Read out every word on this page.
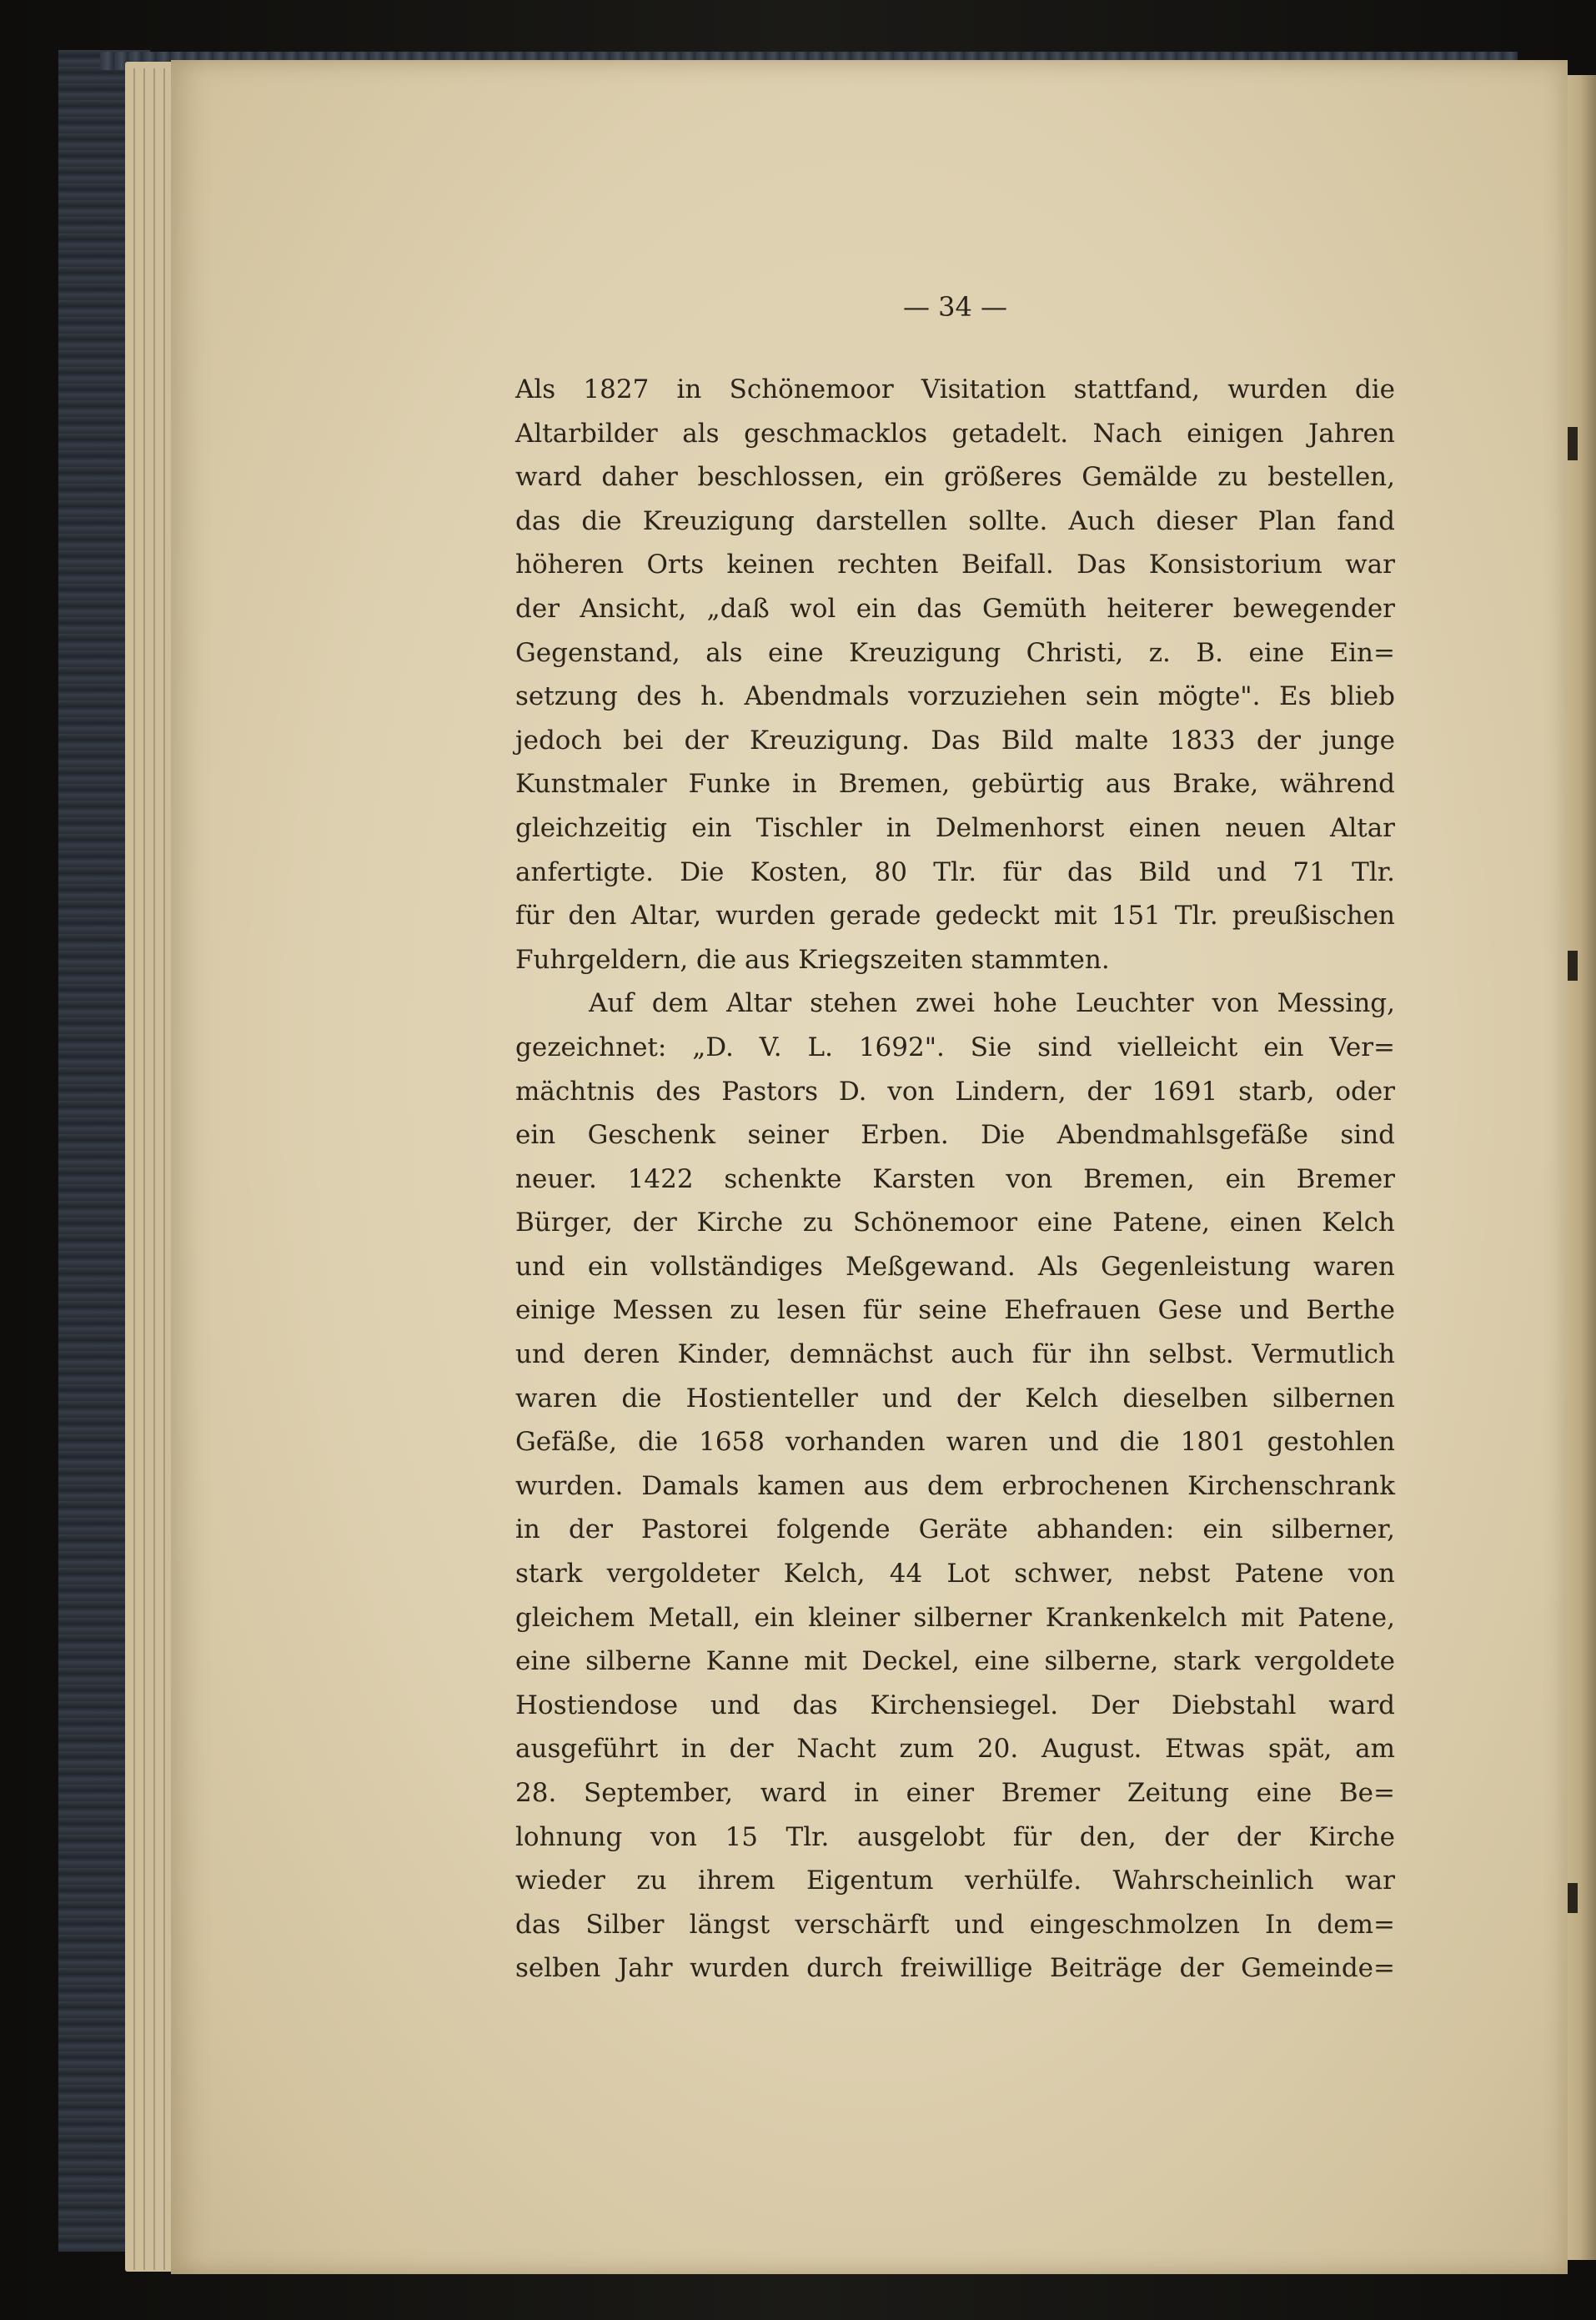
— 34 —
Als 1827 in Schönemoor Visitation stattfand, wurden die
Altarbilder als geschmacklos getadelt. Nach einigen Jahren
ward daher beschlossen, ein größeres Gemälde zu bestellen,
das die Kreuzigung darstellen sollte. Auch dieser Plan fand
höheren Orts keinen rechten Beifall. Das Konsistorium war
der Ansicht, „daß wol ein das Gemüth heiterer bewegender
Gegenstand, als eine Kreuzigung Christi, z. B. eine Ein=
setzung des h. Abendmals vorzuziehen sein mögte". Es blieb
jedoch bei der Kreuzigung. Das Bild malte 1833 der junge
Kunstmaler Funke in Bremen, gebürtig aus Brake, während
gleichzeitig ein Tischler in Delmenhorst einen neuen Altar
anfertigte. Die Kosten, 80 Tlr. für das Bild und 71 Tlr.
für den Altar, wurden gerade gedeckt mit 151 Tlr. preußischen
Fuhrgeldern, die aus Kriegszeiten stammten.
Auf dem Altar stehen zwei hohe Leuchter von Messing,
gezeichnet: „D. V. L. 1692". Sie sind vielleicht ein Ver=
mächtnis des Pastors D. von Lindern, der 1691 starb, oder
ein Geschenk seiner Erben. Die Abendmahlsgefäße sind
neuer. 1422 schenkte Karsten von Bremen, ein Bremer
Bürger, der Kirche zu Schönemoor eine Patene, einen Kelch
und ein vollständiges Meßgewand. Als Gegenleistung waren
einige Messen zu lesen für seine Ehefrauen Gese und Berthe
und deren Kinder, demnächst auch für ihn selbst. Vermutlich
waren die Hostienteller und der Kelch dieselben silbernen
Gefäße, die 1658 vorhanden waren und die 1801 gestohlen
wurden. Damals kamen aus dem erbrochenen Kirchenschrank
in der Pastorei folgende Geräte abhanden: ein silberner,
stark vergoldeter Kelch, 44 Lot schwer, nebst Patene von
gleichem Metall, ein kleiner silberner Krankenkelch mit Patene,
eine silberne Kanne mit Deckel, eine silberne, stark vergoldete
Hostiendose und das Kirchensiegel. Der Diebstahl ward
ausgeführt in der Nacht zum 20. August. Etwas spät, am
28. September, ward in einer Bremer Zeitung eine Be=
lohnung von 15 Tlr. ausgelobt für den, der der Kirche
wieder zu ihrem Eigentum verhülfe. Wahrscheinlich war
das Silber längst verschärft und eingeschmolzen In dem=
selben Jahr wurden durch freiwillige Beiträge der Gemeinde=
